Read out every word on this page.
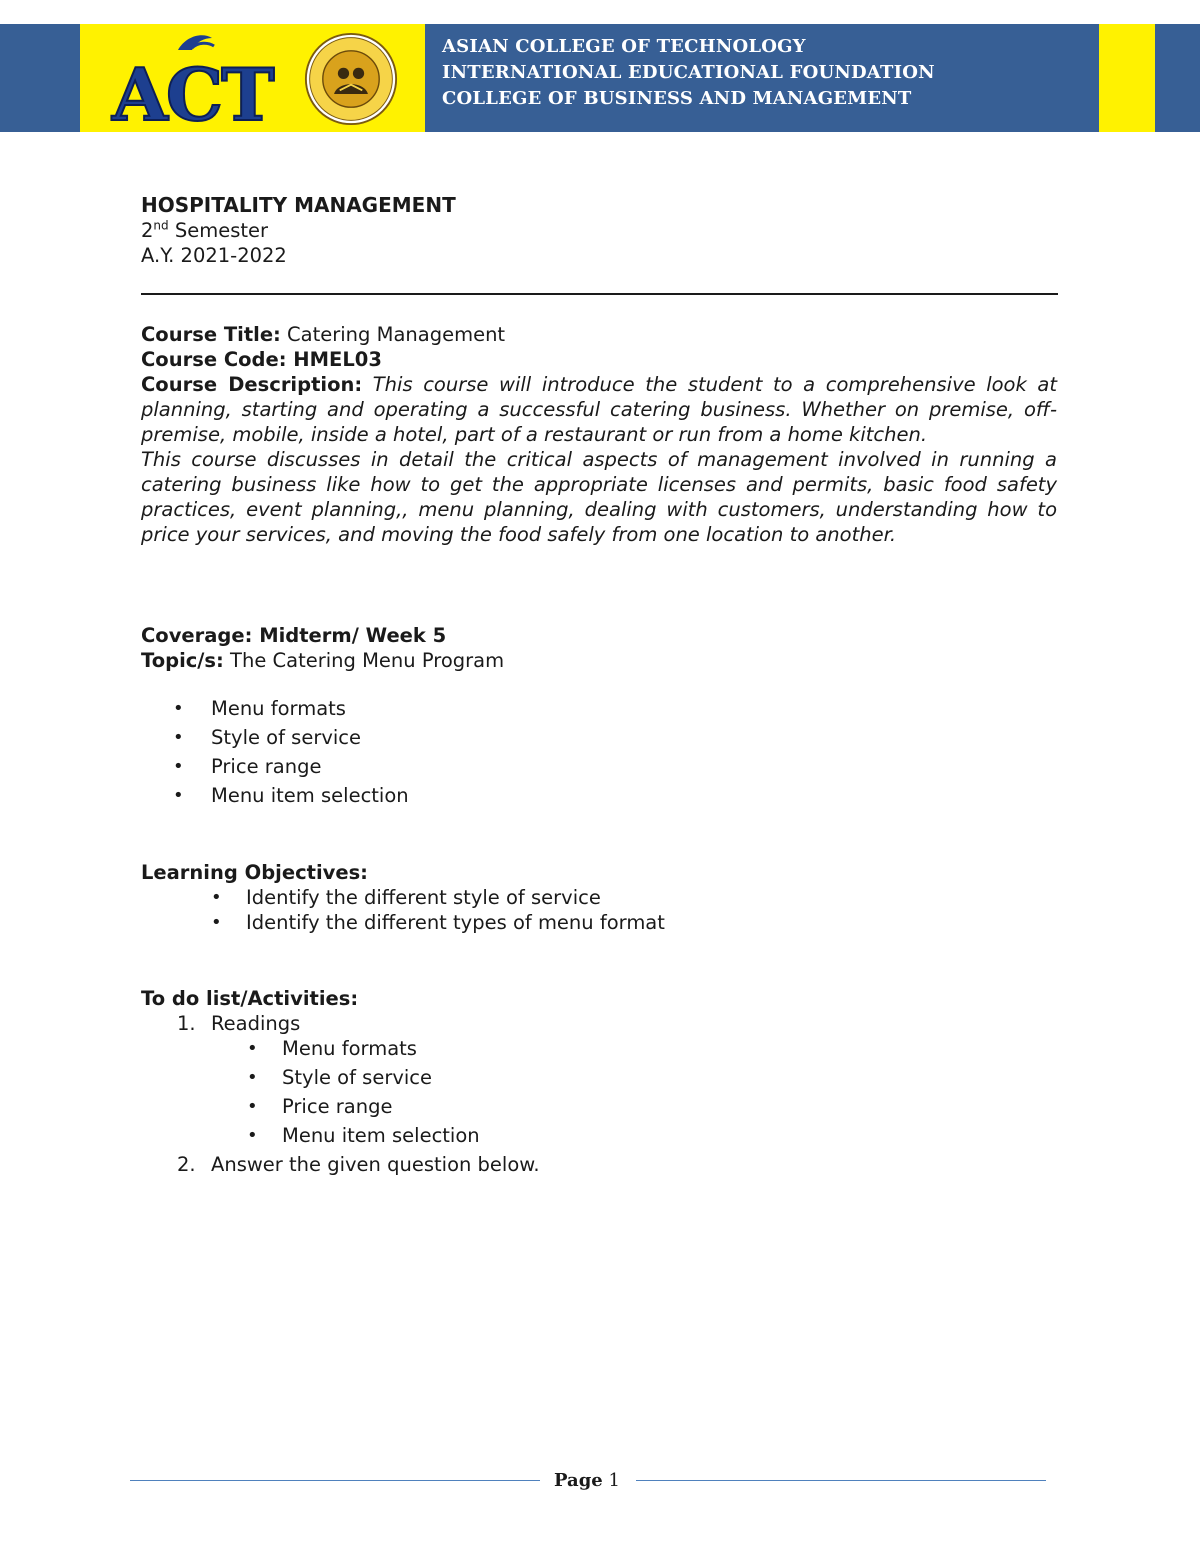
ACT
ASIAN COLLEGE OF TECHNOLOGY
INTERNATIONAL EDUCATIONAL FOUNDATION
COLLEGE OF BUSINESS AND MANAGEMENT
HOSPITALITY MANAGEMENT
2nd Semester
A.Y. 2021-2022
Course Title: Catering Management
Course Code: HMEL03
Course Description: This course will introduce the student to a comprehensive look at planning, starting and operating a successful catering business. Whether on premise, off-premise, mobile, inside a hotel, part of a restaurant or run from a home kitchen.
This course discusses in detail the critical aspects of management involved in running a catering business like how to get the appropriate licenses and permits, basic food safety practices, event planning,, menu planning, dealing with customers, understanding how to price your services, and moving the food safely from one location to another.
Coverage: Midterm/ Week 5
Topic/s: The Catering Menu Program
• Menu formats
• Style of service
• Price range
• Menu item selection
Learning Objectives:
• Identify the different style of service
• Identify the different types of menu format
To do list/Activities:
1. Readings
• Menu formats
• Style of service
• Price range
• Menu item selection
2. Answer the given question below.
Page 1
